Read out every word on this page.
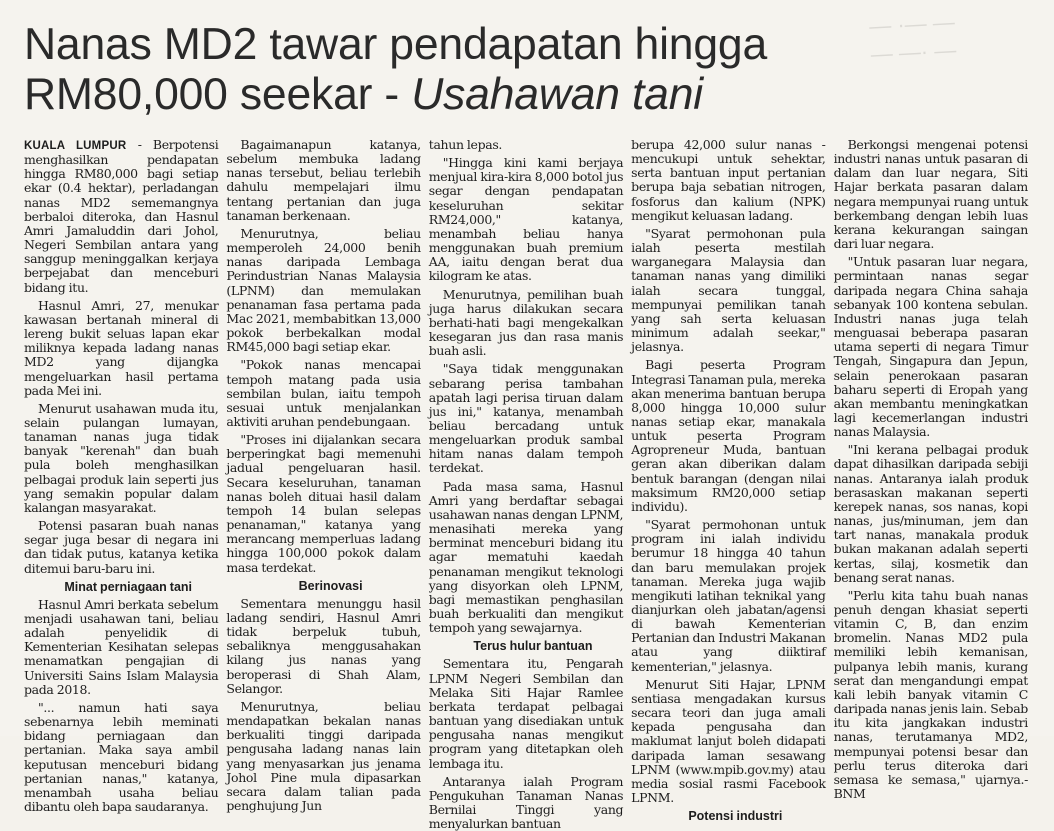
— ·— —
— —· —
Nanas MD2 tawar pendapatan hingga
RM80,000 seekar - Usahawan tani

KUALA LUMPUR - Berpotensi menghasilkan pendapatan hingga RM80,000 bagi setiap ekar (0.4 hektar), perladangan nanas MD2 sememangnya berbaloi diteroka, dan Hasnul Amri Jamaluddin dari Johol, Negeri Sembilan antara yang sanggup meninggalkan kerjaya berpejabat dan menceburi bidang itu.

Hasnul Amri, 27, menukar kawasan bertanah mineral di lereng bukit seluas lapan ekar miliknya kepada ladang nanas MD2 yang dijangka mengeluarkan hasil pertama pada Mei ini.

Menurut usahawan muda itu, selain pulangan lumayan, tanaman nanas juga tidak banyak "kerenah" dan buah pula boleh menghasilkan pelbagai produk lain seperti jus yang semakin popular dalam kalangan masyarakat.

Potensi pasaran buah nanas segar juga besar di negara ini dan tidak putus, katanya ketika ditemui baru-baru ini.

Minat perniagaan tani

Hasnul Amri berkata sebelum menjadi usahawan tani, beliau adalah penyelidik di Kementerian Kesihatan selepas menamatkan pengajian di Universiti Sains Islam Malaysia pada 2018.

"... namun hati saya sebenarnya lebih meminati bidang perniagaan dan pertanian. Maka saya ambil keputusan menceburi bidang pertanian nanas," katanya, menambah usaha beliau dibantu oleh bapa saudaranya.

Bagaimanapun katanya, sebelum membuka ladang nanas tersebut, beliau terlebih dahulu mempelajari ilmu tentang pertanian dan juga tanaman berkenaan.

Menurutnya, beliau memperoleh 24,000 benih nanas daripada Lembaga Perindustrian Nanas Malaysia (LPNM) dan memulakan penanaman fasa pertama pada Mac 2021, membabitkan 13,000 pokok berbekalkan modal RM45,000 bagi setiap ekar.

"Pokok nanas mencapai tempoh matang pada usia sembilan bulan, iaitu tempoh sesuai untuk menjalankan aktiviti aruhan pendebungaan.

"Proses ini dijalankan secara berperingkat bagi memenuhi jadual pengeluaran hasil. Secara keseluruhan, tanaman nanas boleh dituai hasil dalam tempoh 14 bulan selepas penanaman," katanya yang merancang memperluas ladang hingga 100,000 pokok dalam masa terdekat.

Berinovasi

Sementara menunggu hasil ladang sendiri, Hasnul Amri tidak berpeluk tubuh, sebaliknya menggusahakan kilang jus nanas yang beroperasi di Shah Alam, Selangor.

Menurutnya, beliau mendapatkan bekalan nanas berkualiti tinggi daripada pengusaha ladang nanas lain yang menyasarkan jus jenama Johol Pine mula dipasarkan secara dalam talian pada penghujung Jun

tahun lepas.

"Hingga kini kami berjaya menjual kira-kira 8,000 botol jus segar dengan pendapatan keseluruhan sekitar RM24,000," katanya, menambah beliau hanya menggunakan buah premium AA, iaitu dengan berat dua kilogram ke atas.

Menurutnya, pemilihan buah juga harus dilakukan secara berhati-hati bagi mengekalkan kesegaran jus dan rasa manis buah asli.

"Saya tidak menggunakan sebarang perisa tambahan apatah lagi perisa tiruan dalam jus ini," katanya, menambah beliau bercadang untuk mengeluarkan produk sambal hitam nanas dalam tempoh terdekat.

Pada masa sama, Hasnul Amri yang berdaftar sebagai usahawan nanas dengan LPNM, menasihati mereka yang berminat menceburi bidang itu agar mematuhi kaedah penanaman mengikut teknologi yang disyorkan oleh LPNM, bagi memastikan penghasilan buah berkualiti dan mengikut tempoh yang sewajarnya.

Terus hulur bantuan

Sementara itu, Pengarah LPNM Negeri Sembilan dan Melaka Siti Hajar Ramlee berkata terdapat pelbagai bantuan yang disediakan untuk pengusaha nanas mengikut program yang ditetapkan oleh lembaga itu.

Antaranya ialah Program Pengukuhan Tanaman Nanas Bernilai Tinggi yang menyalurkan bantuan

berupa 42,000 sulur nanas - mencukupi untuk sehektar, serta bantuan input pertanian berupa baja sebatian nitrogen, fosforus dan kalium (NPK) mengikut keluasan ladang.

"Syarat permohonan pula ialah peserta mestilah warganegara Malaysia dan tanaman nanas yang dimiliki ialah secara tunggal, mempunyai pemilikan tanah yang sah serta keluasan minimum adalah seekar," jelasnya.

Bagi peserta Program Integrasi Tanaman pula, mereka akan menerima bantuan berupa 8,000 hingga 10,000 sulur nanas setiap ekar, manakala untuk peserta Program Agropreneur Muda, bantuan geran akan diberikan dalam bentuk barangan (dengan nilai maksimum RM20,000 setiap individu).

"Syarat permohonan untuk program ini ialah individu berumur 18 hingga 40 tahun dan baru memulakan projek tanaman. Mereka juga wajib mengikuti latihan teknikal yang dianjurkan oleh jabatan/agensi di bawah Kementerian Pertanian dan Industri Makanan atau yang diiktiraf kementerian," jelasnya.

Menurut Siti Hajar, LPNM sentiasa mengadakan kursus secara teori dan juga amali kepada pengusaha dan maklumat lanjut boleh didapati daripada laman sesawang LPNM (www.mpib.gov.my) atau media sosial rasmi Facebook LPNM.

Potensi industri

Berkongsi mengenai potensi industri nanas untuk pasaran di dalam dan luar negara, Siti Hajar berkata pasaran dalam negara mempunyai ruang untuk berkembang dengan lebih luas kerana kekurangan saingan dari luar negara.

"Untuk pasaran luar negara, permintaan nanas segar daripada negara China sahaja sebanyak 100 kontena sebulan. Industri nanas juga telah menguasai beberapa pasaran utama seperti di negara Timur Tengah, Singapura dan Jepun, selain penerokaan pasaran baharu seperti di Eropah yang akan membantu meningkatkan lagi kecemerlangan industri nanas Malaysia.

"Ini kerana pelbagai produk dapat dihasilkan daripada sebiji nanas. Antaranya ialah produk berasaskan makanan seperti kerepek nanas, sos nanas, kopi nanas, jus/minuman, jem dan tart nanas, manakala produk bukan makanan adalah seperti kertas, silaj, kosmetik dan benang serat nanas.

"Perlu kita tahu buah nanas penuh dengan khasiat seperti vitamin C, B, dan enzim bromelin. Nanas MD2 pula memiliki lebih kemanisan, pulpanya lebih manis, kurang serat dan mengandungi empat kali lebih banyak vitamin C daripada nanas jenis lain. Sebab itu kita jangkakan industri nanas, terutamanya MD2, mempunyai potensi besar dan perlu terus diteroka dari semasa ke semasa," ujarnya.- BNM
